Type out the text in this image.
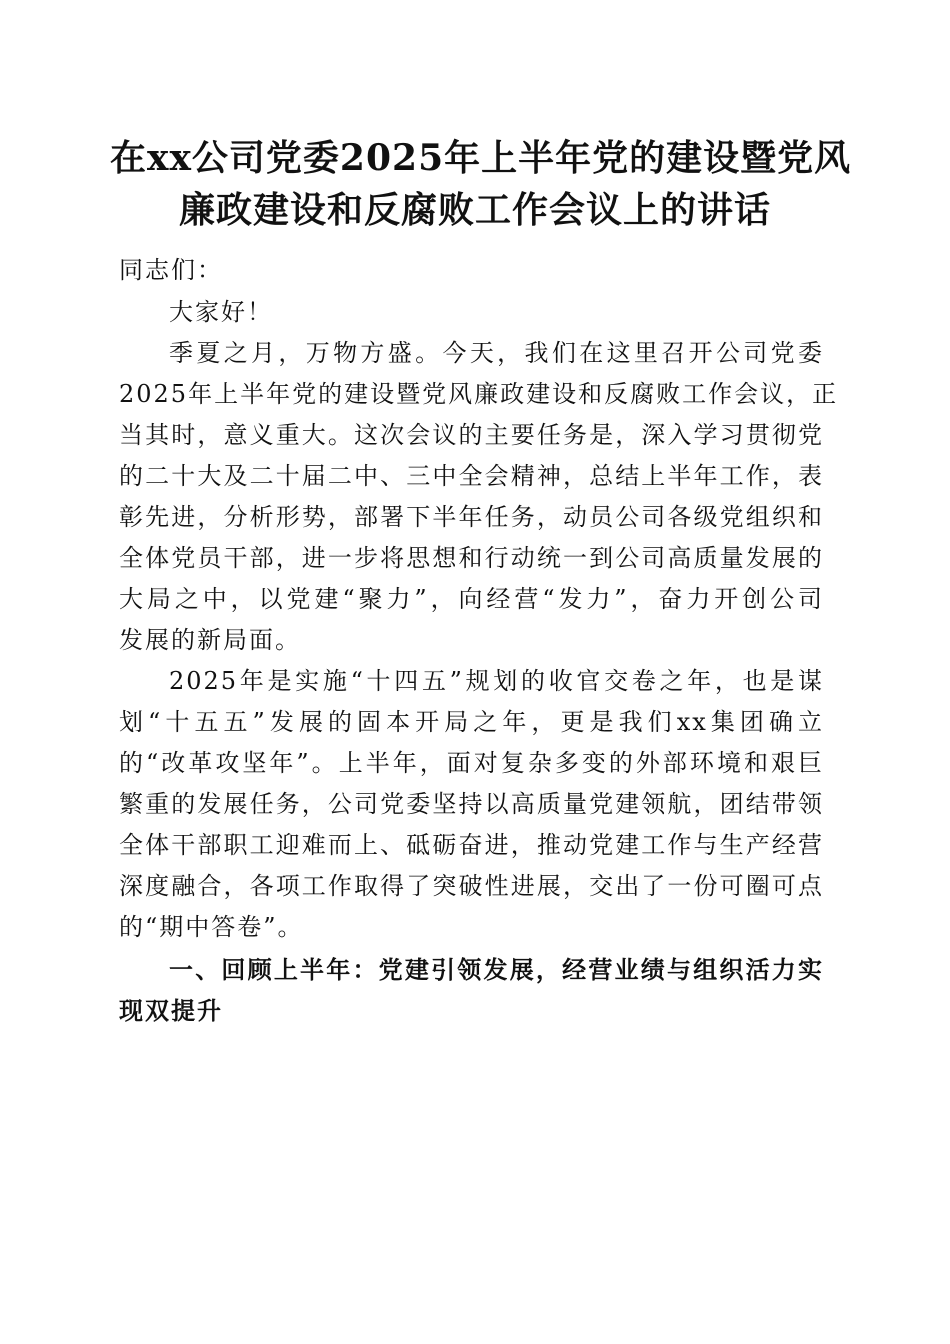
在xx公司党委2025年上半年党的建设暨党风
廉政建设和反腐败工作会议上的讲话
同志们：
大家好！
季夏之月，万物方盛。今天，我们在这里召开公司党委
2025年上半年党的建设暨党风廉政建设和反腐败工作会议，正
当其时，意义重大。这次会议的主要任务是，深入学习贯彻党
的二十大及二十届二中、三中全会精神，总结上半年工作，表
彰先进，分析形势，部署下半年任务，动员公司各级党组织和
全体党员干部，进一步将思想和行动统一到公司高质量发展的
大局之中，以党建“聚力”，向经营“发力”，奋力开创公司
发展的新局面。
2025年是实施“十四五”规划的收官交卷之年，也是谋
划“十五五”发展的固本开局之年，更是我们xx集团确立
的“改革攻坚年”。上半年，面对复杂多变的外部环境和艰巨
繁重的发展任务，公司党委坚持以高质量党建领航，团结带领
全体干部职工迎难而上、砥砺奋进，推动党建工作与生产经营
深度融合，各项工作取得了突破性进展，交出了一份可圈可点
的“期中答卷”。
一、回顾上半年：党建引领发展，经营业绩与组织活力实
现双提升
